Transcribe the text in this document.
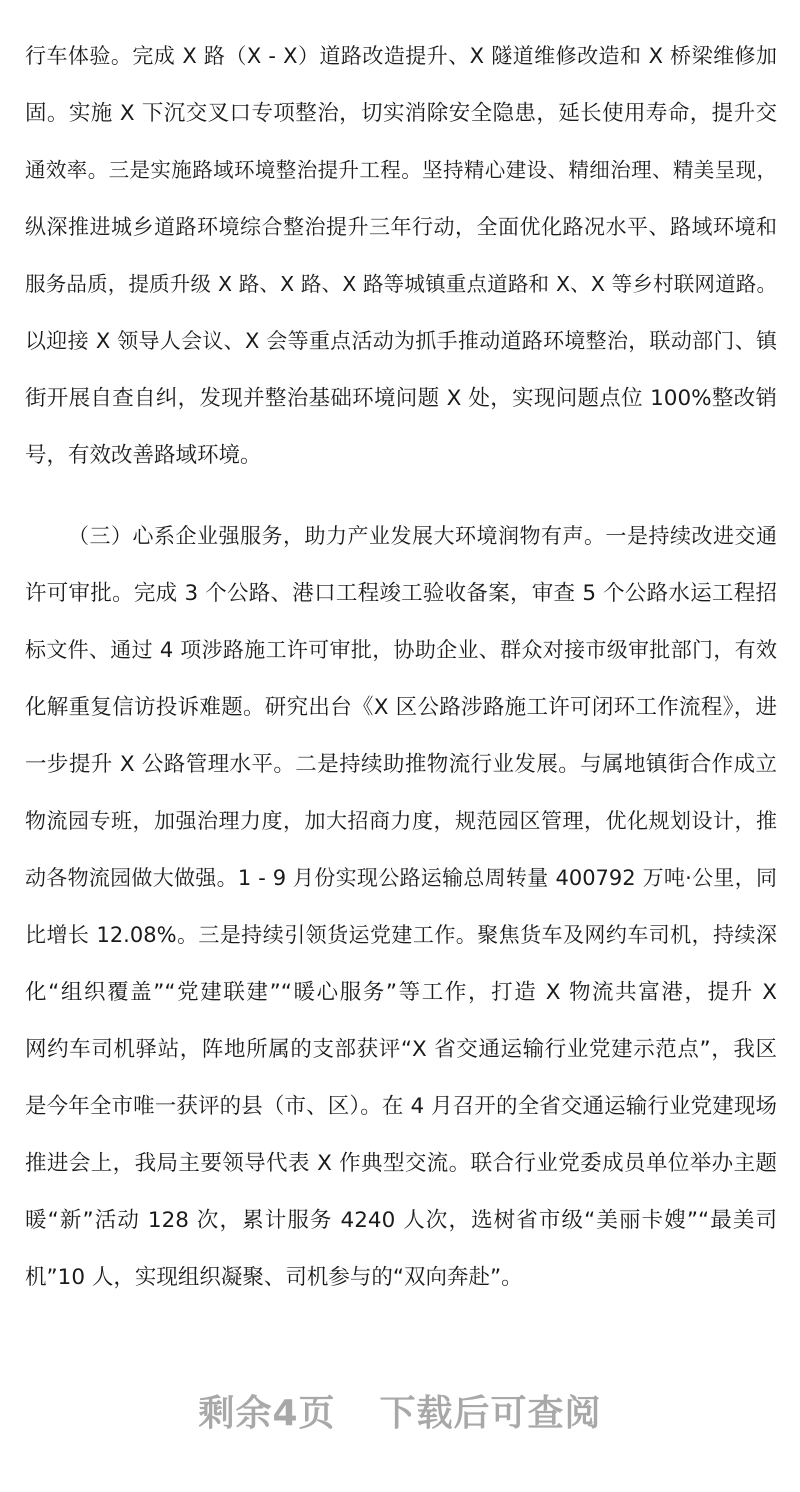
行车体验。完成 X 路（X - X）道路改造提升、X 隧道维修改造和 X 桥梁维修加
固。实施 X 下沉交叉口专项整治，切实消除安全隐患，延长使用寿命，提升交
通效率。三是实施路域环境整治提升工程。坚持精心建设、精细治理、精美呈现，
纵深推进城乡道路环境综合整治提升三年行动，全面优化路况水平、路域环境和
服务品质，提质升级 X 路、X 路、X 路等城镇重点道路和 X、X 等乡村联网道路。
以迎接 X 领导人会议、X 会等重点活动为抓手推动道路环境整治，联动部门、镇
街开展自查自纠，发现并整治基础环境问题 X 处，实现问题点位 100%整改销
号，有效改善路域环境。
（三）心系企业强服务，助力产业发展大环境润物有声。一是持续改进交通
许可审批。完成 3 个公路、港口工程竣工验收备案，审查 5 个公路水运工程招
标文件、通过 4 项涉路施工许可审批，协助企业、群众对接市级审批部门，有效
化解重复信访投诉难题。研究出台《X 区公路涉路施工许可闭环工作流程》，进
一步提升 X 公路管理水平。二是持续助推物流行业发展。与属地镇街合作成立
物流园专班，加强治理力度，加大招商力度，规范园区管理，优化规划设计，推
动各物流园做大做强。1 - 9 月份实现公路运输总周转量 400792 万吨·公里，同
比增长 12.08%。三是持续引领货运党建工作。聚焦货车及网约车司机，持续深
化“组织覆盖”“党建联建”“暖心服务”等工作，打造 X 物流共富港，提升 X
网约车司机驿站，阵地所属的支部获评“X 省交通运输行业党建示范点”，我区
是今年全市唯一获评的县（市、区）。在 4 月召开的全省交通运输行业党建现场
推进会上，我局主要领导代表 X 作典型交流。联合行业党委成员单位举办主题
暖“新”活动 128 次，累计服务 4240 人次，选树省市级“美丽卡嫂”“最美司
机”10 人，实现组织凝聚、司机参与的“双向奔赴”。
剩余4页 下载后可查阅
